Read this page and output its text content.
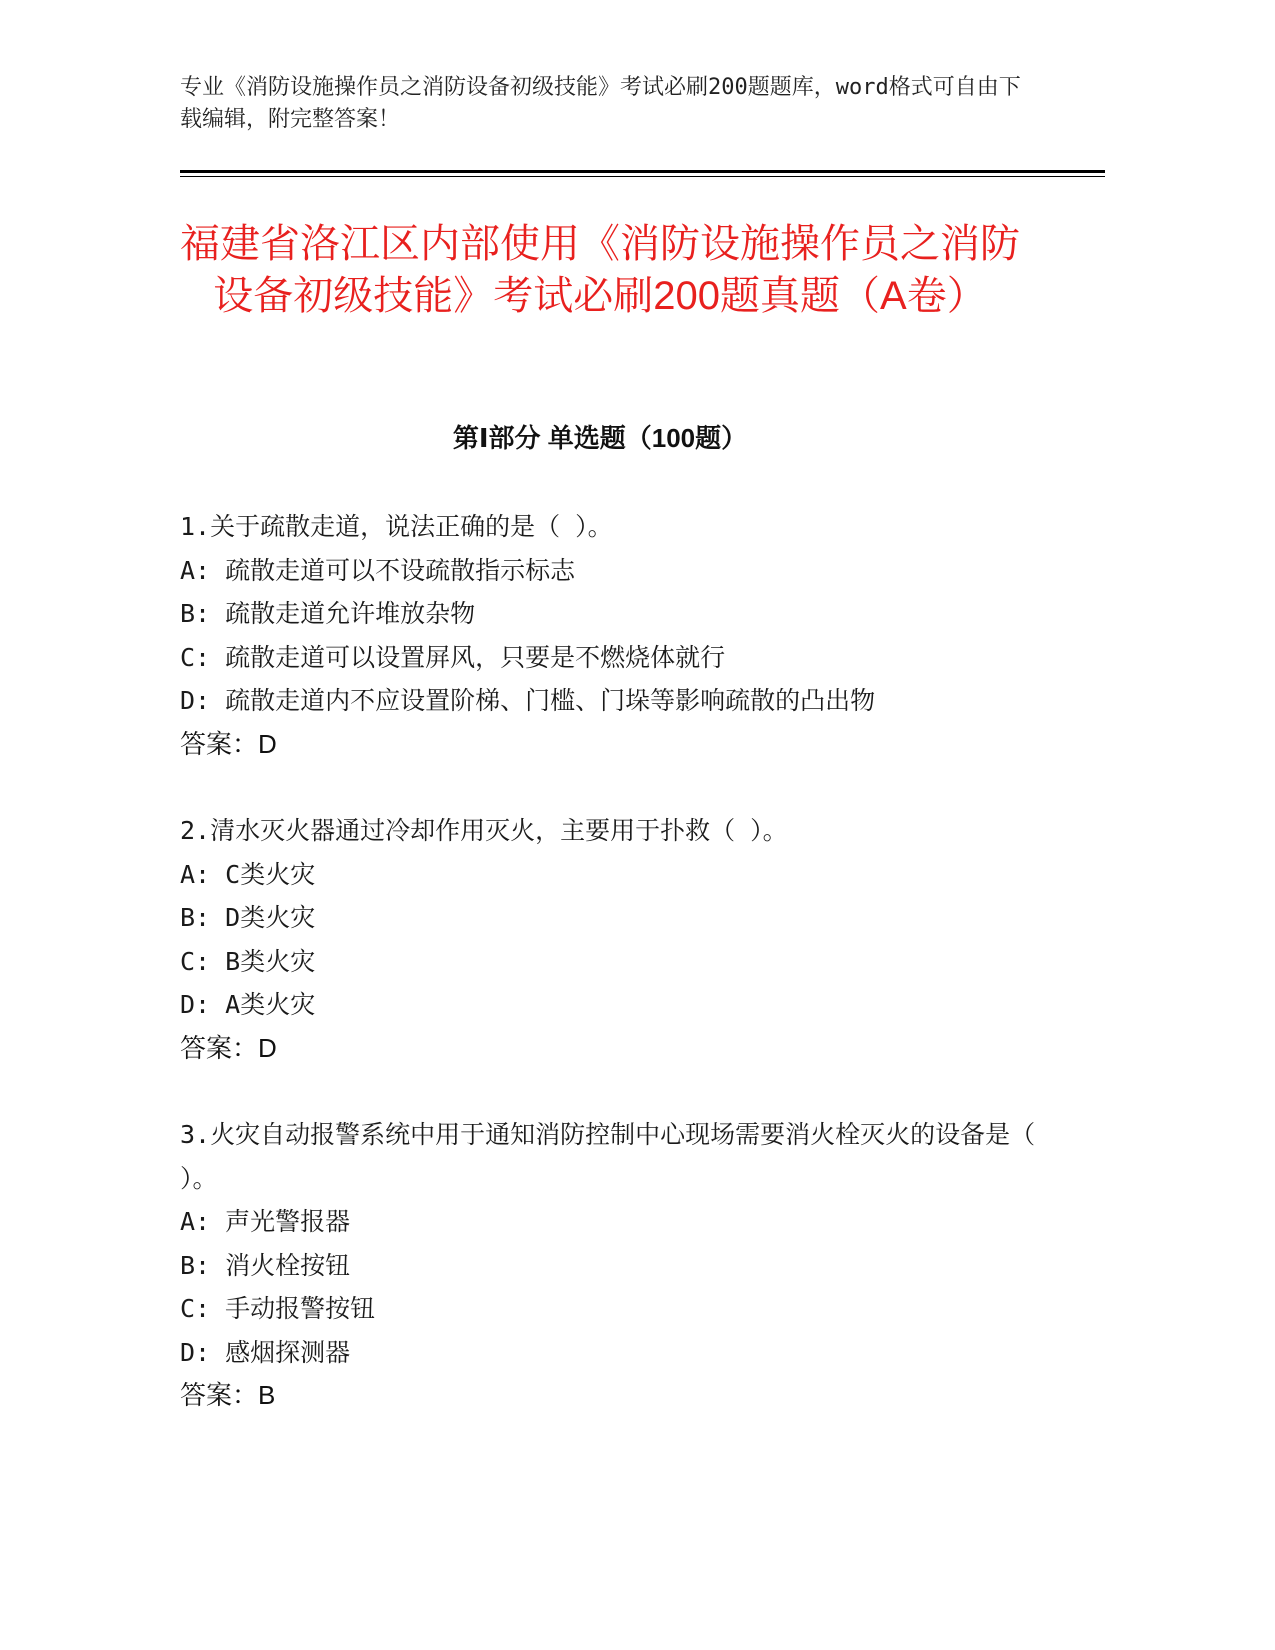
专业《消防设施操作员之消防设备初级技能》考试必刷200题题库，word格式可自由下载编辑，附完整答案！
福建省洛江区内部使用《消防设施操作员之消防设备初级技能》考试必刷200题真题（A卷）
第Ⅰ部分 单选题（100题）
1.关于疏散走道，说法正确的是（ ）。
A: 疏散走道可以不设疏散指示标志
B: 疏散走道允许堆放杂物
C: 疏散走道可以设置屏风，只要是不燃烧体就行
D: 疏散走道内不应设置阶梯、门槛、门垛等影响疏散的凸出物
答案：D
2.清水灭火器通过冷却作用灭火，主要用于扑救（ ）。
A: C类火灾
B: D类火灾
C: B类火灾
D: A类火灾
答案：D
3.火灾自动报警系统中用于通知消防控制中心现场需要消火栓灭火的设备是（ ）。
A: 声光警报器
B: 消火栓按钮
C: 手动报警按钮
D: 感烟探测器
答案：B
